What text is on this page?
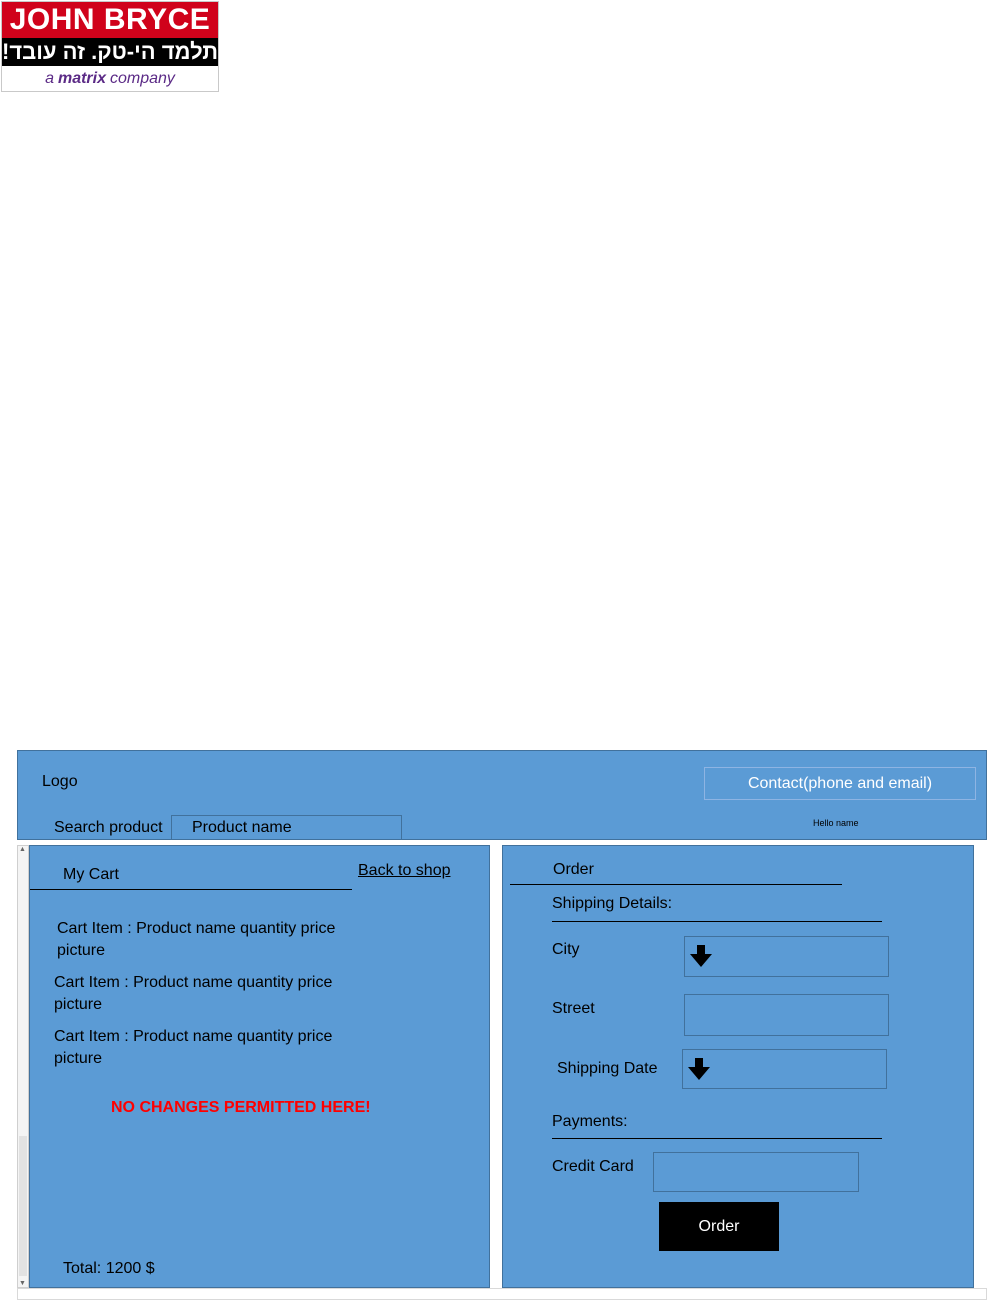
JOHN BRYCE
תלמד הי-טק. זה עובד!
a matrix company
Logo	Contact(phone and email)
Search product
Product name	Hello name
▲
▼
My Cart	Back to shop
Cart Item : Product name quantity price
picture
Cart Item : Product name quantity price
picture
Cart Item : Product name quantity price
picture
NO CHANGES PERMITTED HERE!
Total: 1200 $
Order
Shipping Details:
City
Street
Shipping Date
Payments:
Credit Card
Order
